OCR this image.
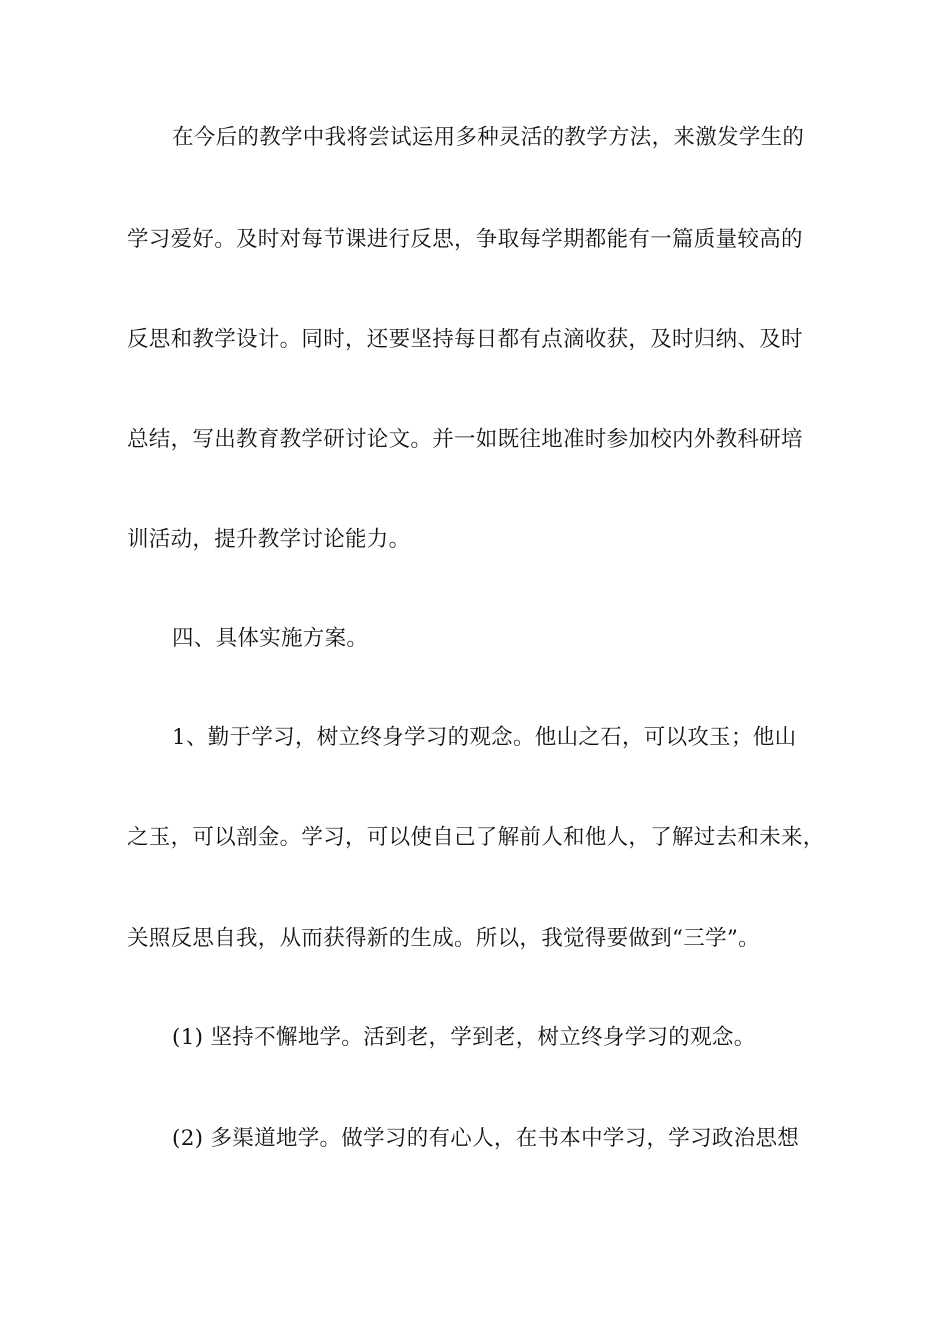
在今后的教学中我将尝试运用多种灵活的教学方法，来激发学生的
学习爱好。及时对每节课进行反思，争取每学期都能有一篇质量较高的
反思和教学设计。同时，还要坚持每日都有点滴收获，及时归纳、及时
总结，写出教育教学研讨论文。并一如既往地准时参加校内外教科研培
训活动，提升教学讨论能力。
四、具体实施方案。
1、勤于学习，树立终身学习的观念。他山之石，可以攻玉；他山
之玉，可以剖金。学习，可以使自己了解前人和他人，了解过去和未来，
关照反思自我，从而获得新的生成。所以，我觉得要做到“三学”。
(1) 坚持不懈地学。活到老，学到老，树立终身学习的观念。
(2) 多渠道地学。做学习的有心人，在书本中学习，学习政治思想
